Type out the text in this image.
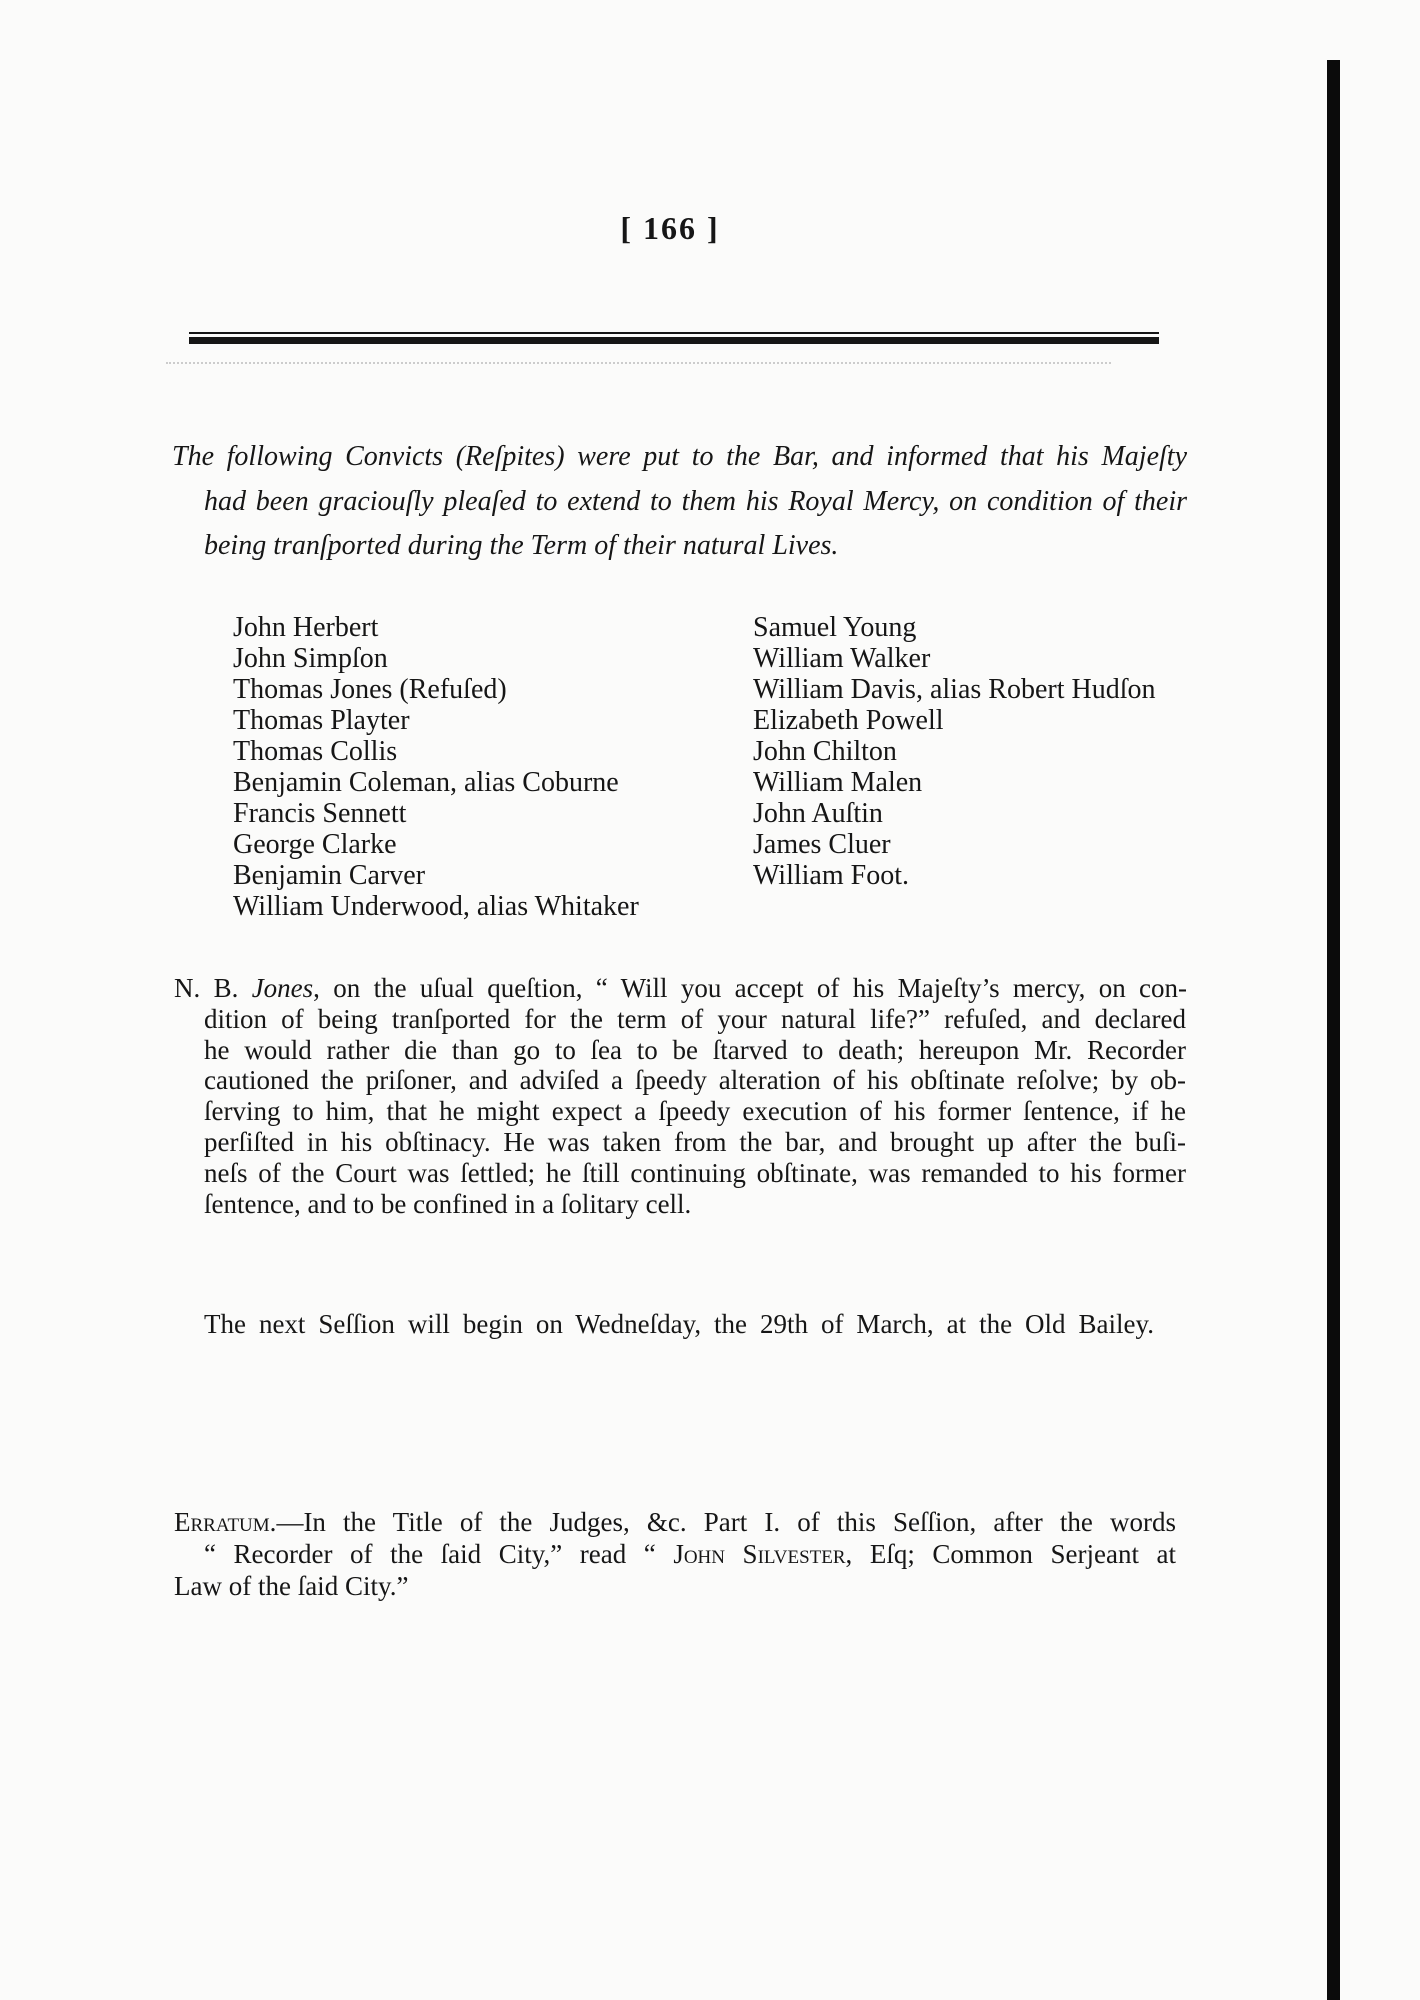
[ 166 ]
The following Convicts (Reſpites) were put to the Bar, and informed that his Majeſty
had been graciouſly pleaſed to extend to them his Royal Mercy, on condition of their
being tranſported during the Term of their natural Lives.
John Herbert
John Simpſon
Thomas Jones (Refuſed)
Thomas Playter
Thomas Collis
Benjamin Coleman, alias Coburne
Francis Sennett
George Clarke
Benjamin Carver
William Underwood, alias Whitaker
Samuel Young
William Walker
William Davis, alias Robert Hudſon
Elizabeth Powell
John Chilton
William Malen
John Auſtin
James Cluer
William Foot.
N. B. Jones, on the uſual queſtion, “ Will you accept of his Majeſty’s mercy, on con-
dition of being tranſported for the term of your natural life?” refuſed, and declared
he would rather die than go to ſea to be ſtarved to death; hereupon Mr. Recorder
cautioned the priſoner, and adviſed a ſpeedy alteration of his obſtinate reſolve; by ob-
ſerving to him, that he might expect a ſpeedy execution of his former ſentence, if he
perſiſted in his obſtinacy. He was taken from the bar, and brought up after the buſi-
neſs of the Court was ſettled; he ſtill continuing obſtinate, was remanded to his former
ſentence, and to be confined in a ſolitary cell.
The next Seſſion will begin on Wedneſday, the 29th of March, at the Old Bailey.
Erratum.—In the Title of the Judges, &c. Part I. of this Seſſion, after the words
“ Recorder of the ſaid City,” read “ John Silvester, Eſq; Common Serjeant at
Law of the ſaid City.”
